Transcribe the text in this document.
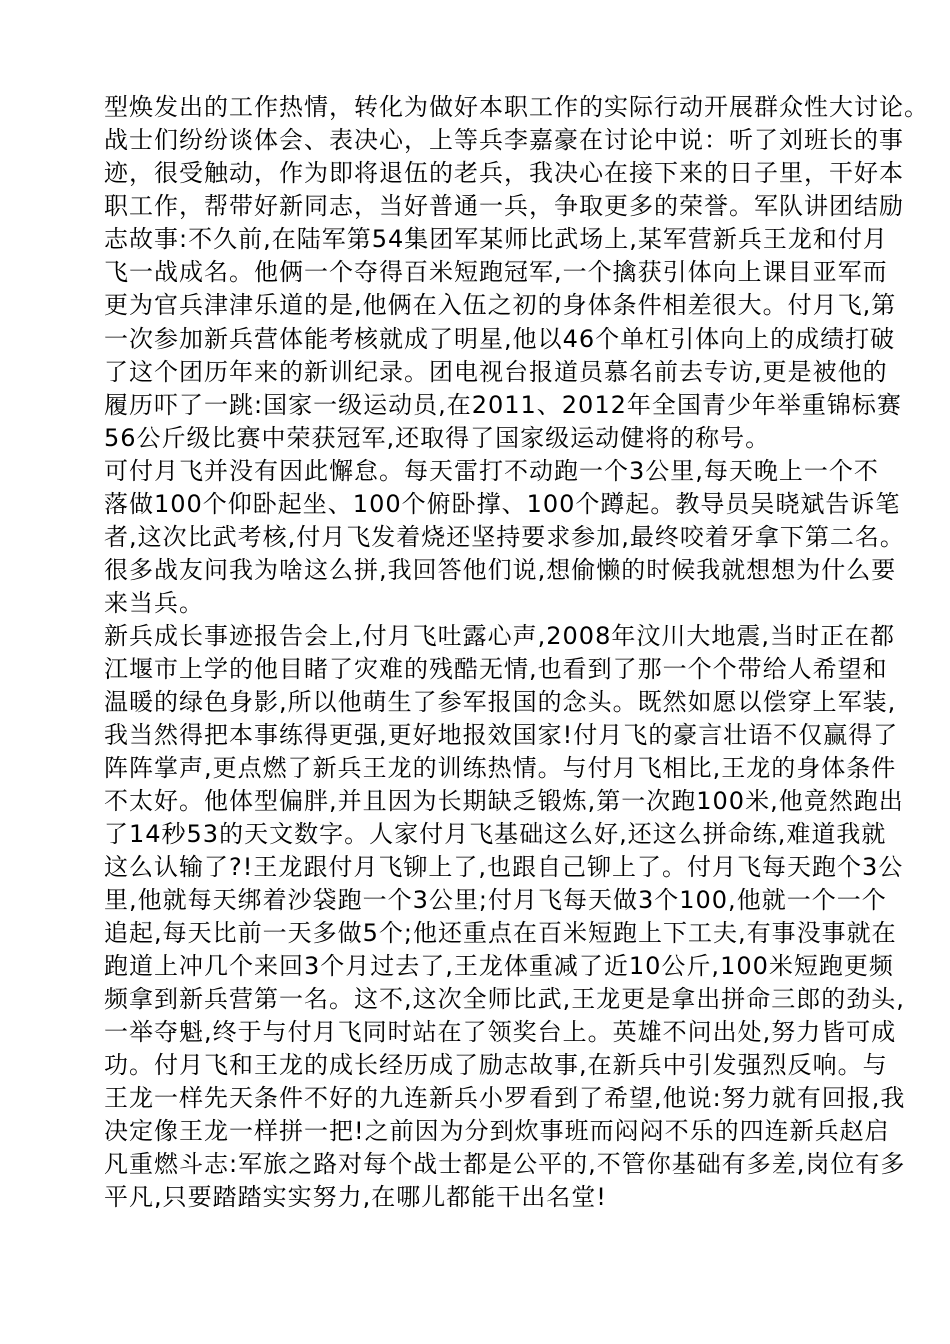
型焕发出的工作热情，转化为做好本职工作的实际行动开展群众性大讨论。
战士们纷纷谈体会、表决心，上等兵李嘉豪在讨论中说：听了刘班长的事
迹，很受触动，作为即将退伍的老兵，我决心在接下来的日子里，干好本
职工作，帮带好新同志，当好普通一兵，争取更多的荣誉。军队讲团结励
志故事:不久前,在陆军第54集团军某师比武场上,某军营新兵王龙和付月
飞一战成名。他俩一个夺得百米短跑冠军,一个擒获引体向上课目亚军而
更为官兵津津乐道的是,他俩在入伍之初的身体条件相差很大。付月飞,第
一次参加新兵营体能考核就成了明星,他以46个单杠引体向上的成绩打破
了这个团历年来的新训纪录。团电视台报道员慕名前去专访,更是被他的
履历吓了一跳:国家一级运动员,在2011、2012年全国青少年举重锦标赛
56公斤级比赛中荣获冠军,还取得了国家级运动健将的称号。
可付月飞并没有因此懈怠。每天雷打不动跑一个3公里,每天晚上一个不
落做100个仰卧起坐、100个俯卧撑、100个蹲起。教导员吴晓斌告诉笔
者,这次比武考核,付月飞发着烧还坚持要求参加,最终咬着牙拿下第二名。
很多战友问我为啥这么拼,我回答他们说,想偷懒的时候我就想想为什么要
来当兵。
新兵成长事迹报告会上,付月飞吐露心声,2008年汶川大地震,当时正在都
江堰市上学的他目睹了灾难的残酷无情,也看到了那一个个带给人希望和
温暖的绿色身影,所以他萌生了参军报国的念头。既然如愿以偿穿上军装,
我当然得把本事练得更强,更好地报效国家!付月飞的豪言壮语不仅赢得了
阵阵掌声,更点燃了新兵王龙的训练热情。与付月飞相比,王龙的身体条件
不太好。他体型偏胖,并且因为长期缺乏锻炼,第一次跑100米,他竟然跑出
了14秒53的天文数字。人家付月飞基础这么好,还这么拼命练,难道我就
这么认输了?!王龙跟付月飞铆上了,也跟自己铆上了。付月飞每天跑个3公
里,他就每天绑着沙袋跑一个3公里;付月飞每天做3个100,他就一个一个
追起,每天比前一天多做5个;他还重点在百米短跑上下工夫,有事没事就在
跑道上冲几个来回3个月过去了,王龙体重减了近10公斤,100米短跑更频
频拿到新兵营第一名。这不,这次全师比武,王龙更是拿出拼命三郎的劲头,
一举夺魁,终于与付月飞同时站在了领奖台上。英雄不问出处,努力皆可成
功。付月飞和王龙的成长经历成了励志故事,在新兵中引发强烈反响。与
王龙一样先天条件不好的九连新兵小罗看到了希望,他说:努力就有回报,我
决定像王龙一样拼一把!之前因为分到炊事班而闷闷不乐的四连新兵赵启
凡重燃斗志:军旅之路对每个战士都是公平的,不管你基础有多差,岗位有多
平凡,只要踏踏实实努力,在哪儿都能干出名堂!
